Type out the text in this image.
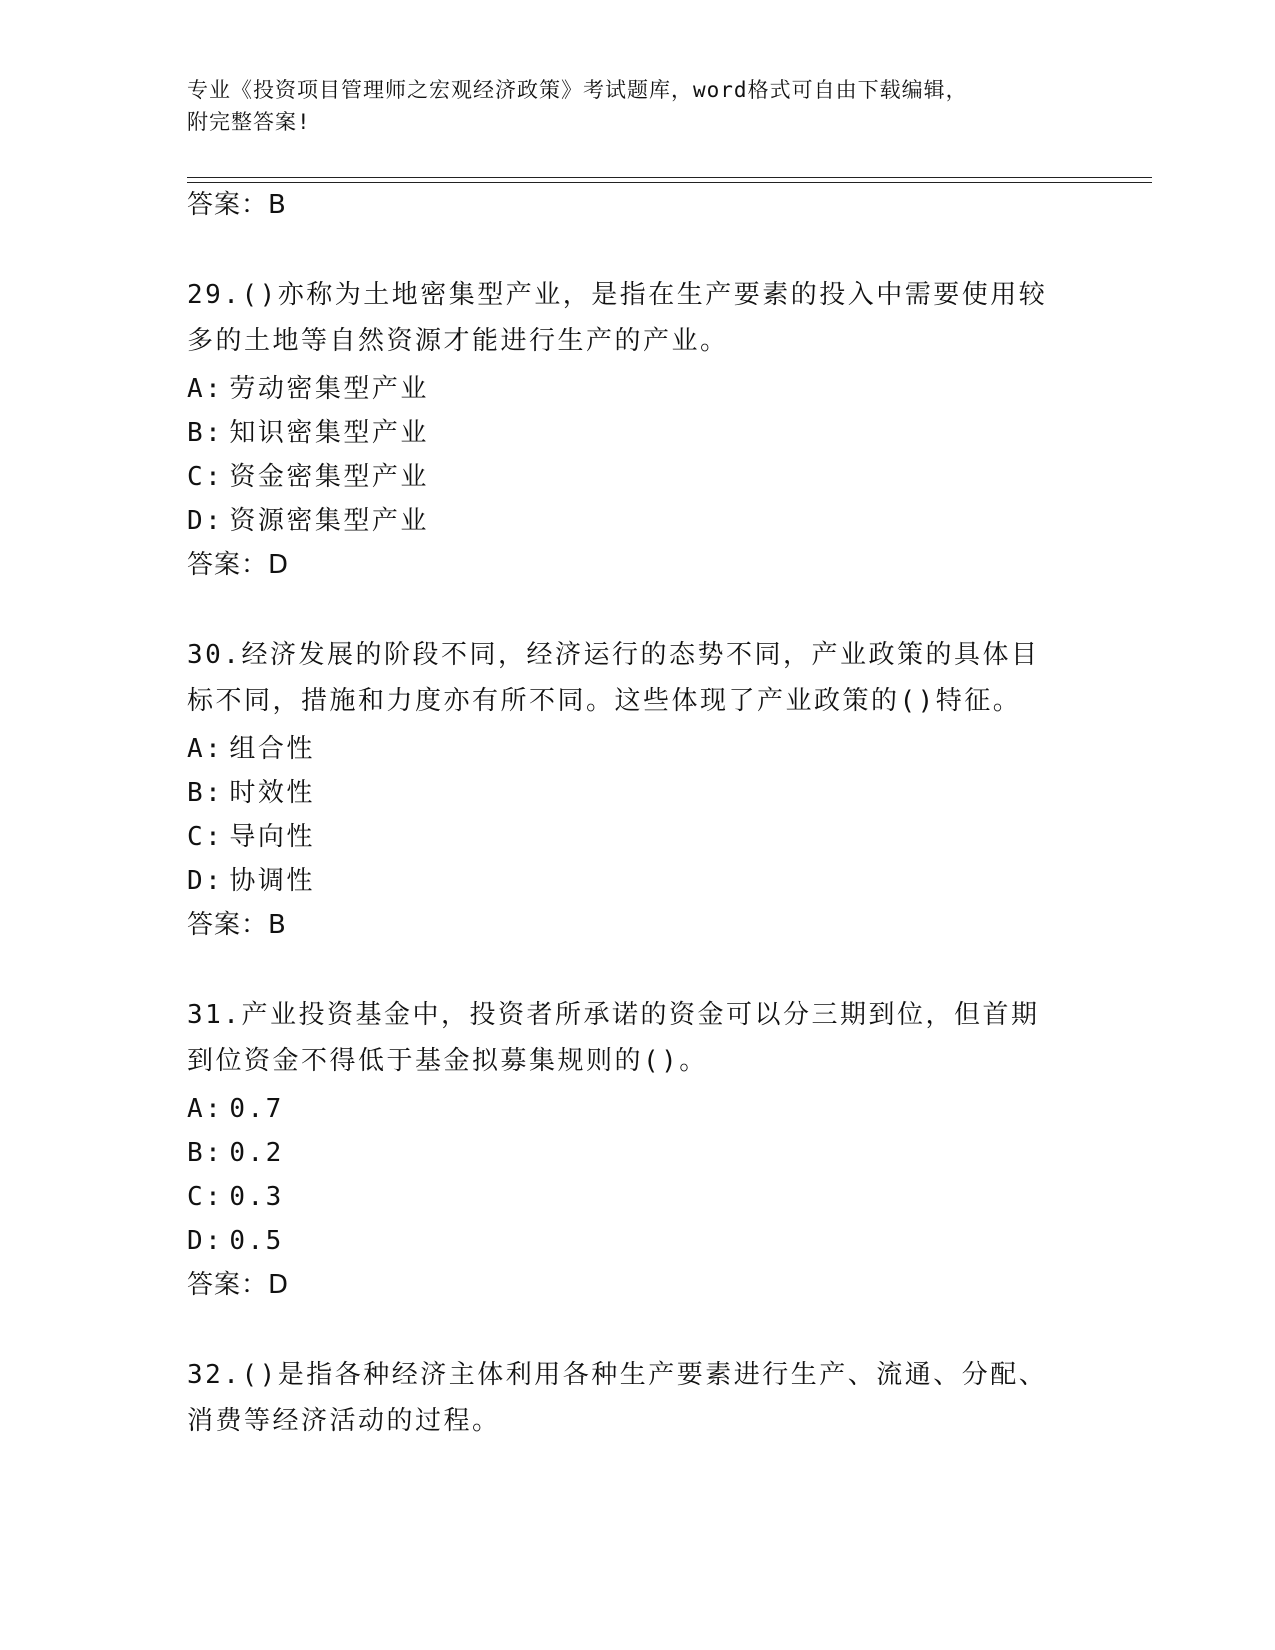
专业《投资项目管理师之宏观经济政策》考试题库，word格式可自由下载编辑，
附完整答案!
答案：B
29.()亦称为土地密集型产业，是指在生产要素的投入中需要使用较多的土地等自然资源才能进行生产的产业。
A: 劳动密集型产业
B: 知识密集型产业
C: 资金密集型产业
D: 资源密集型产业
答案：D
30.经济发展的阶段不同，经济运行的态势不同，产业政策的具体目标不同，措施和力度亦有所不同。这些体现了产业政策的()特征。
A: 组合性
B: 时效性
C: 导向性
D: 协调性
答案：B
31.产业投资基金中，投资者所承诺的资金可以分三期到位，但首期到位资金不得低于基金拟募集规则的()。
A: 0.7
B: 0.2
C: 0.3
D: 0.5
答案：D
32.()是指各种经济主体利用各种生产要素进行生产、流通、分配、消费等经济活动的过程。
